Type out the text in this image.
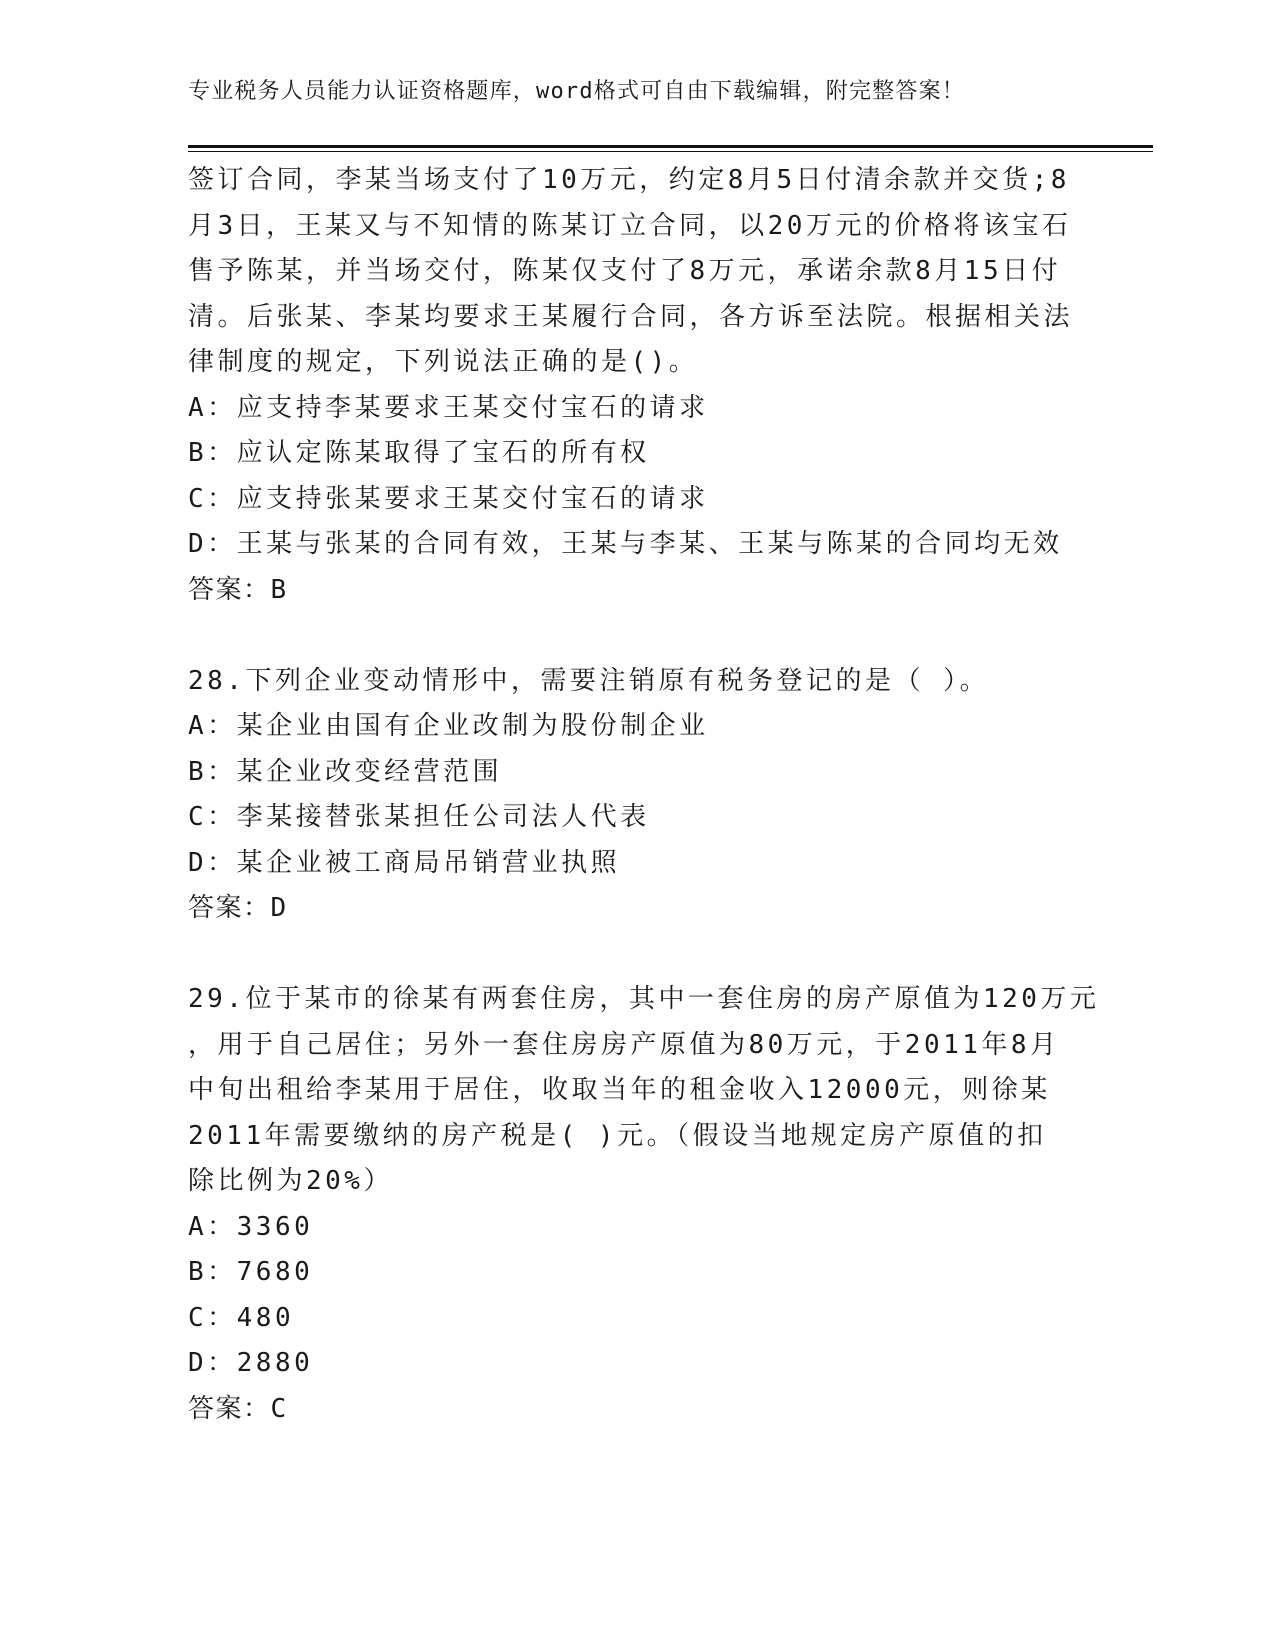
专业税务人员能力认证资格题库，word格式可自由下载编辑，附完整答案！
签订合同，李某当场支付了10万元，约定8月5日付清余款并交货;8
月3日，王某又与不知情的陈某订立合同，以20万元的价格将该宝石
售予陈某，并当场交付，陈某仅支付了8万元，承诺余款8月15日付
清。后张某、李某均要求王某履行合同，各方诉至法院。根据相关法
律制度的规定，下列说法正确的是()。
A：应支持李某要求王某交付宝石的请求
B：应认定陈某取得了宝石的所有权
C：应支持张某要求王某交付宝石的请求
D：王某与张某的合同有效，王某与李某、王某与陈某的合同均无效
答案：B
28.下列企业变动情形中，需要注销原有税务登记的是（ ）。
A：某企业由国有企业改制为股份制企业
B：某企业改变经营范围
C：李某接替张某担任公司法人代表
D：某企业被工商局吊销营业执照
答案：D
29.位于某市的徐某有两套住房，其中一套住房的房产原值为120万元
，用于自己居住；另外一套住房房产原值为80万元，于2011年8月
中旬出租给李某用于居住，收取当年的租金收入12000元，则徐某
2011年需要缴纳的房产税是( )元。（假设当地规定房产原值的扣
除比例为20%）
A：3360
B：7680
C：480
D：2880
答案：C
